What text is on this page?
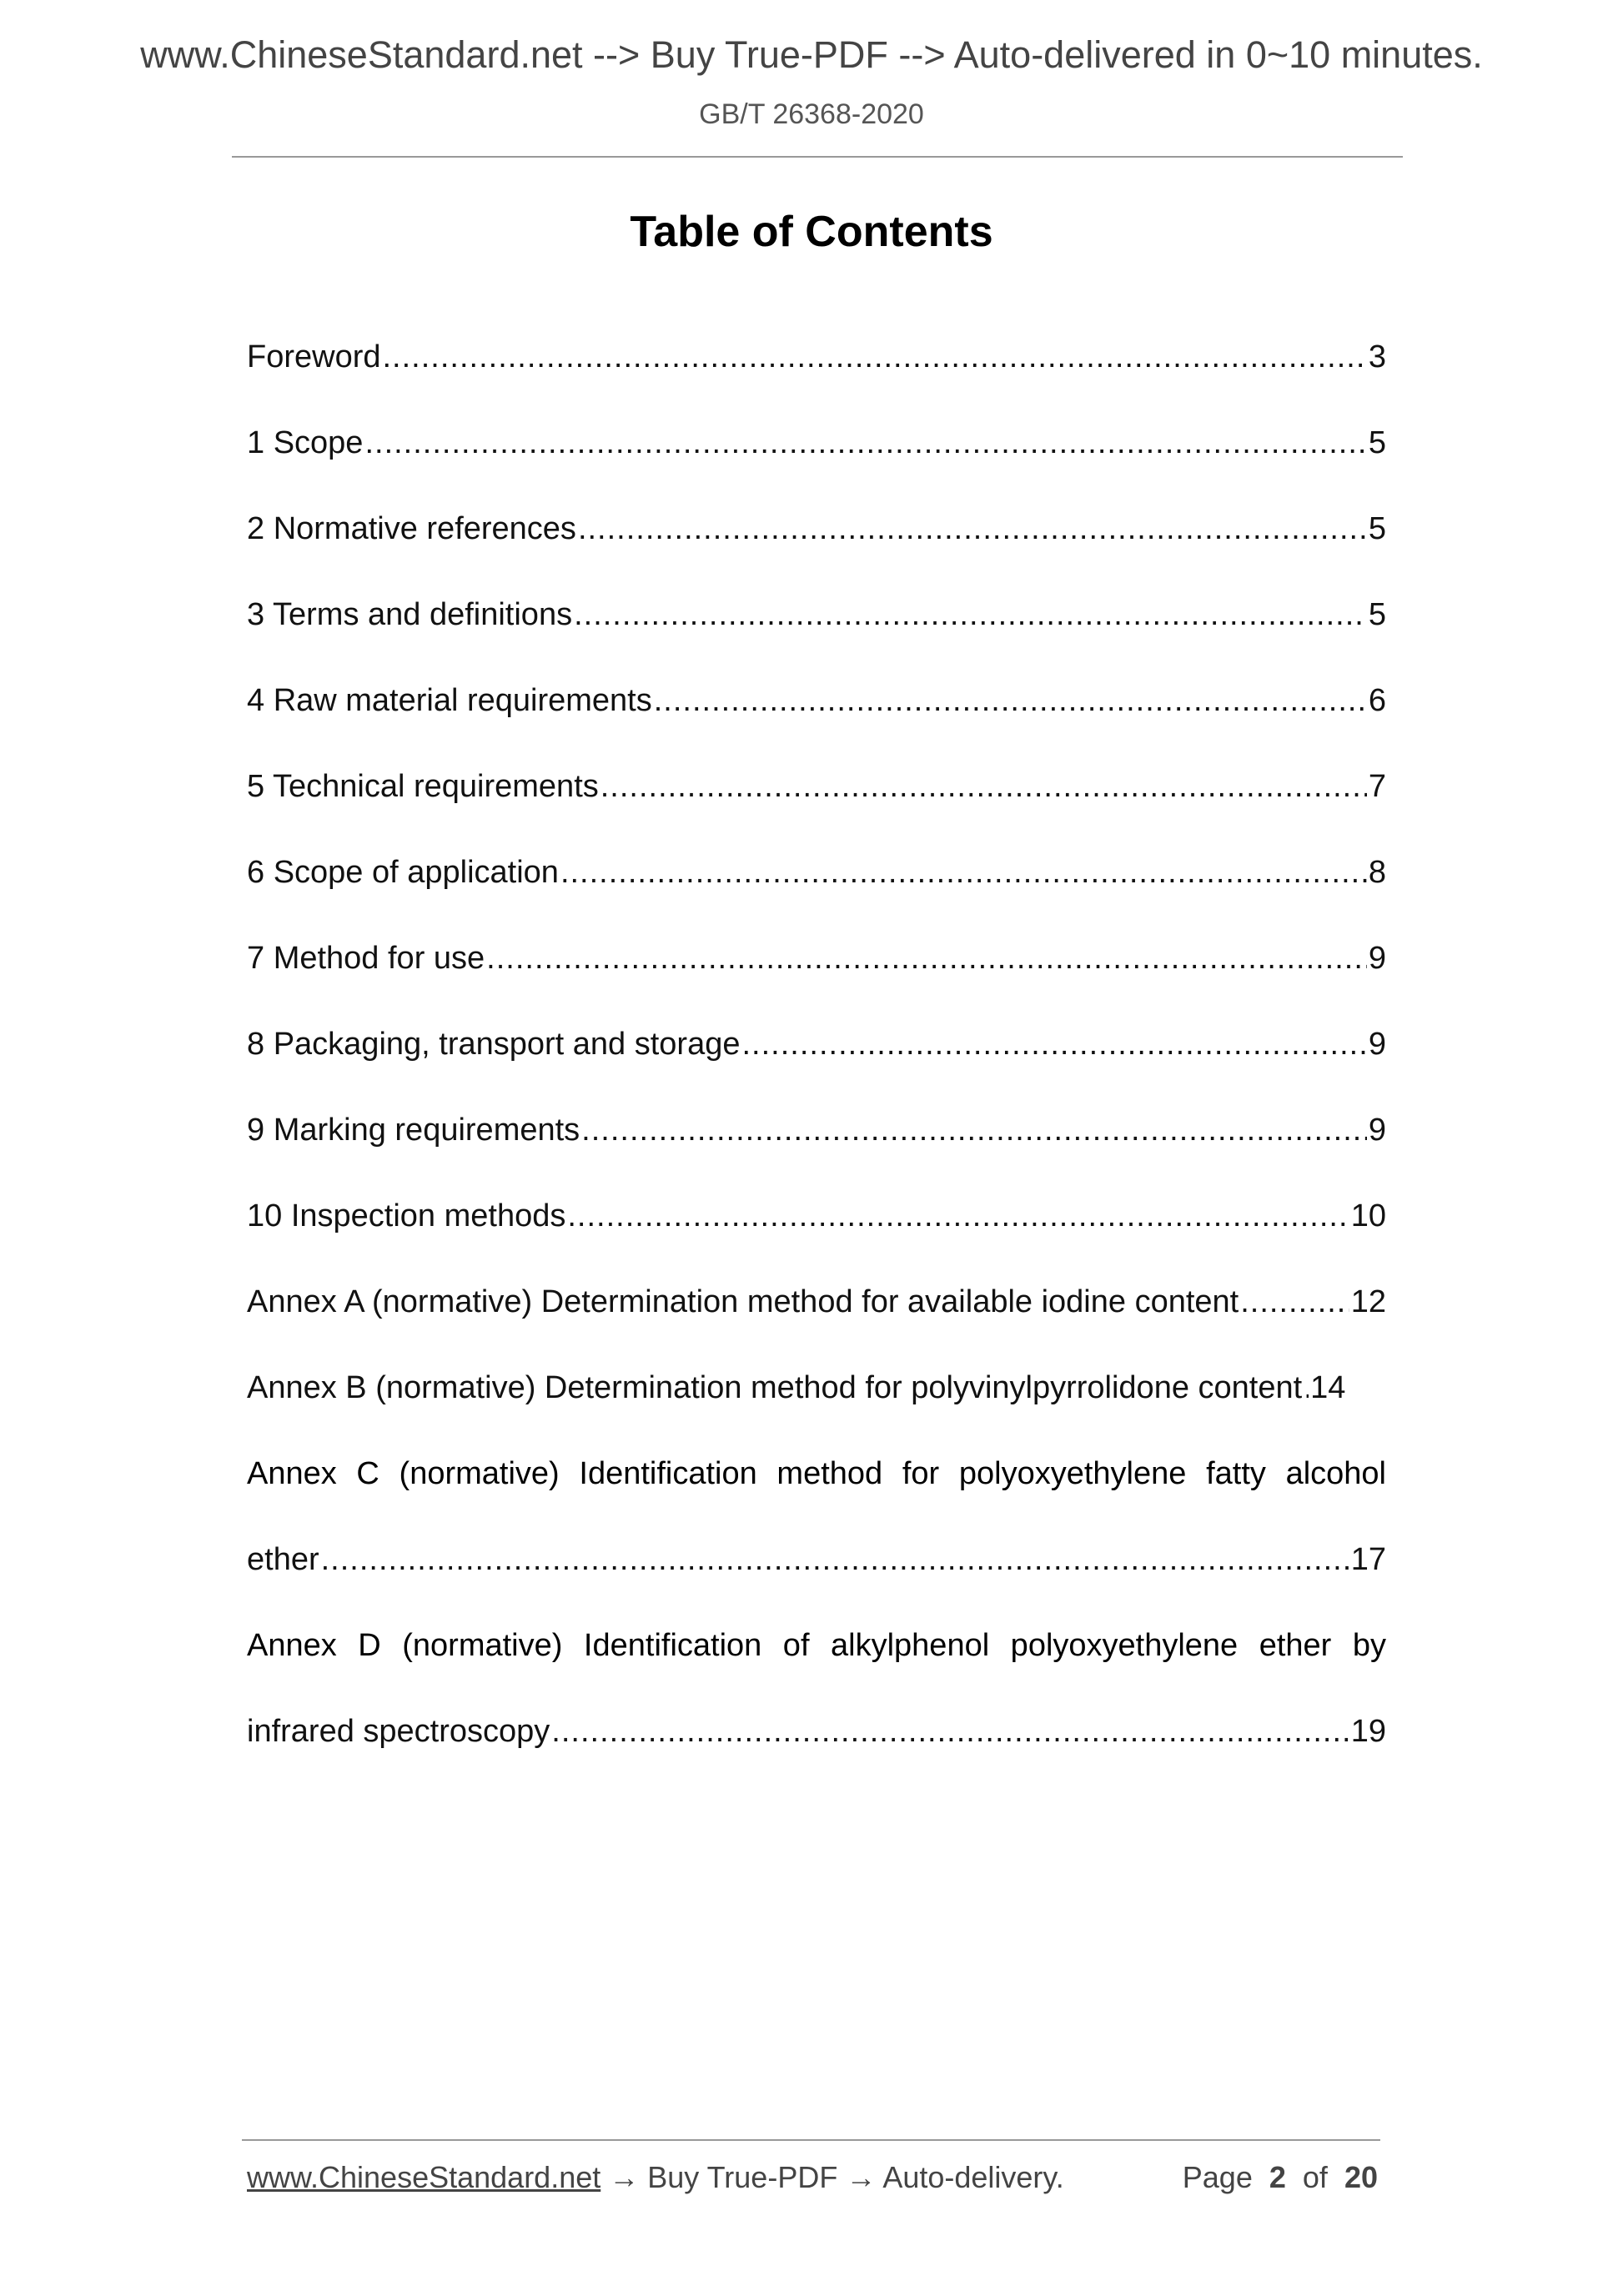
www.ChineseStandard.net --> Buy True-PDF --> Auto-delivered in 0~10 minutes.
GB/T 26368-2020
Table of Contents
Foreword .....	3
1 Scope .....	5
2 Normative references .....	5
3 Terms and definitions .....	5
4 Raw material requirements .....	6
5 Technical requirements .....	7
6 Scope of application .....	8
7 Method for use .....	9
8 Packaging, transport and storage .....	9
9 Marking requirements .....	9
10 Inspection methods .....	10
Annex A (normative) Determination method for available iodine content .....	12
Annex B (normative) Determination method for polyvinylpyrrolidone content ..... 14
Annex C (normative) Identification method for polyoxyethylene fatty alcohol
ether .....	17
Annex D (normative) Identification of alkylphenol polyoxyethylene ether by
infrared spectroscopy .....	19
www.ChineseStandard.net → Buy True-PDF → Auto-delivery.	Page 2 of 20
